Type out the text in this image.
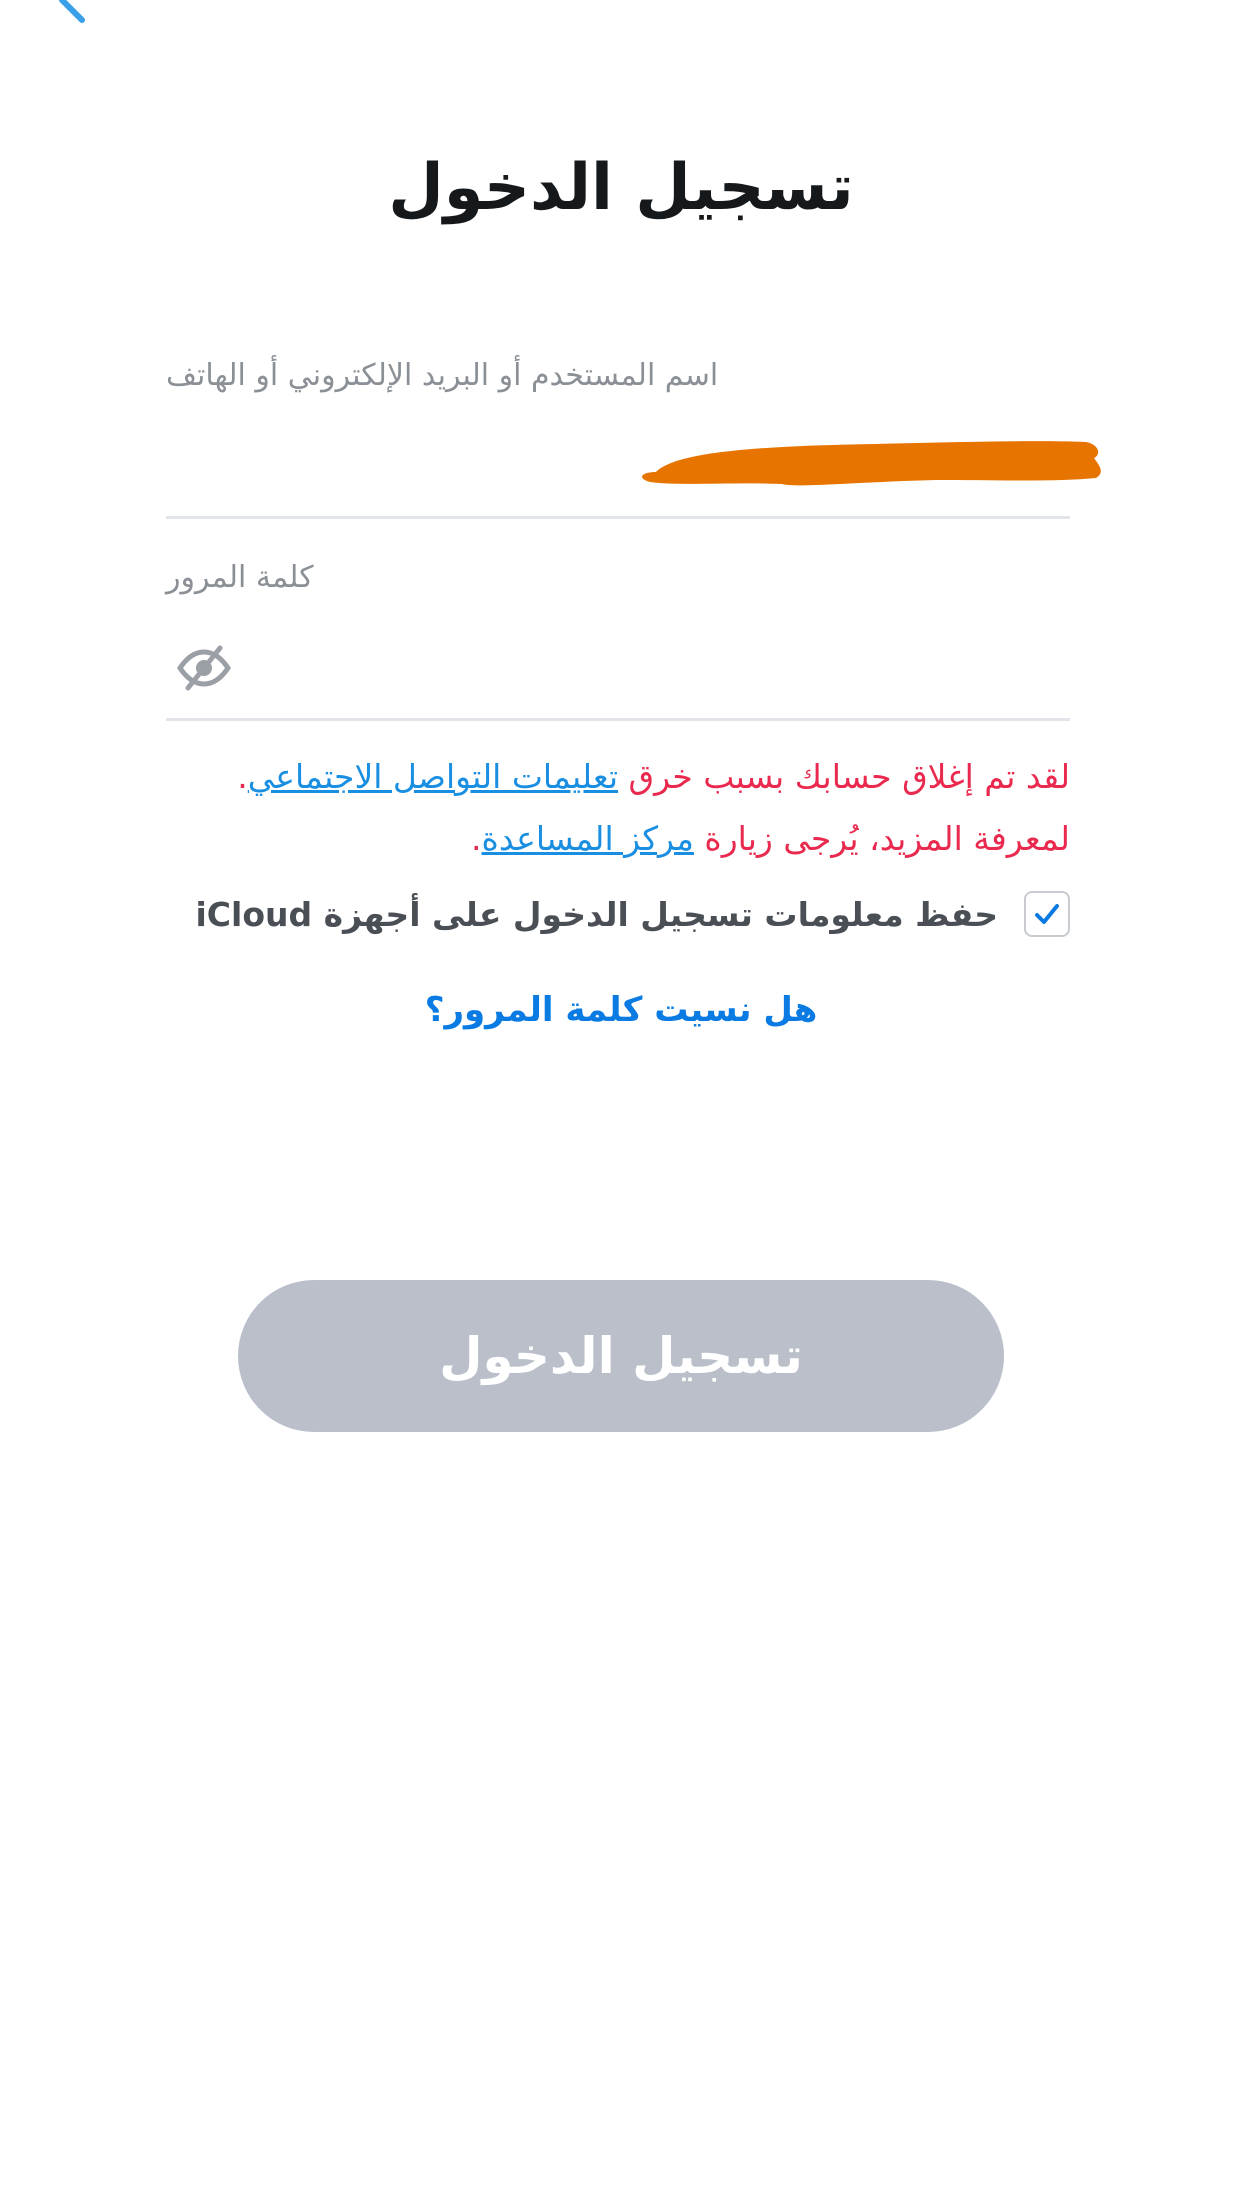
تسجيل الدخول
اسم المستخدم أو البريد الإلكتروني أو الهاتف
كلمة المرور
لقد تم إغلاق حسابك بسبب خرق تعليمات التواصل الاجتماعي. لمعرفة المزيد، يُرجى زيارة مركز المساعدة.
حفظ معلومات تسجيل الدخول على أجهزة iCloud
هل نسيت كلمة المرور؟
تسجيل الدخول
